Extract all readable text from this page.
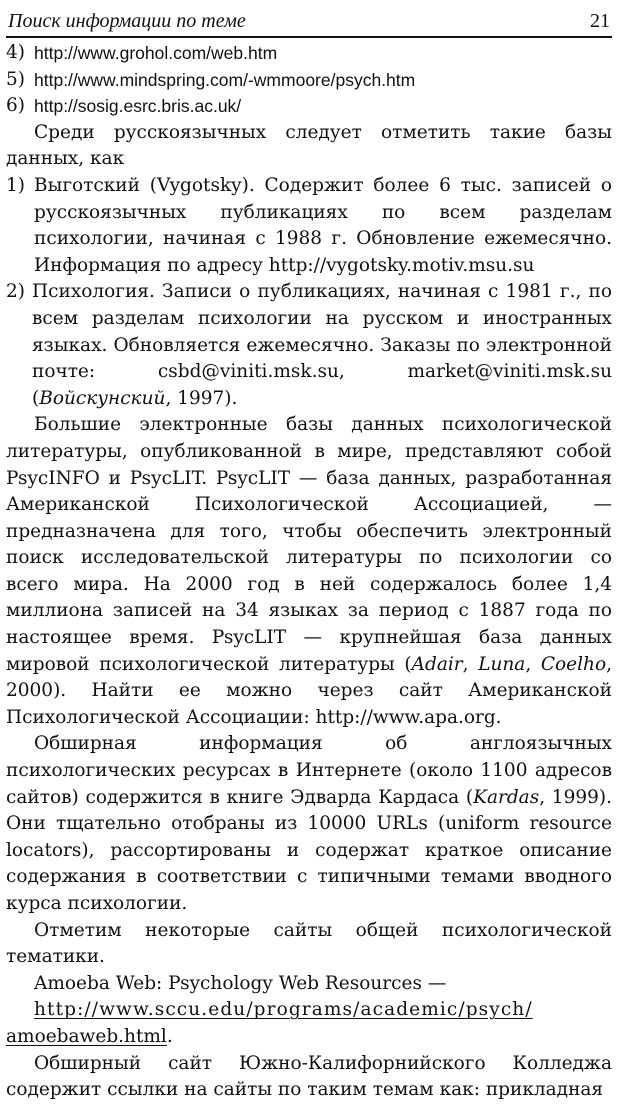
Поиск информации по теме	21
4) http://www.grohol.com/web.htm
5) http://www.mindspring.com/-wmmoore/psych.htm
6) http://sosig.esrc.bris.ac.uk/

Среди русскоязычных следует отметить такие базы данных, как

1) Выготский (Vygotsky). Содержит более 6 тыс. записей о русскоязычных публикациях по всем разделам психологии, начиная с 1988 г. Обновление ежемесячно. Информация по адресу http://vygotsky.motiv.msu.su
2) Психология. Записи о публикациях, начиная с 1981 г., по всем разделам психологии на русском и иностранных языках. Обновляется ежемесячно. Заказы по электронной почте: csbd@viniti.msk.su, market@viniti.msk.su (Войскунский, 1997).

Большие электронные базы данных психологической литературы, опубликованной в мире, представляют собой PsycINFO и PsycLIT. PsycLIT — база данных, разработанная Американской Психологической Ассоциацией, — предназначена для того, чтобы обеспечить электронный поиск исследовательской литературы по психологии со всего мира. На 2000 год в ней содержалось более 1,4 миллиона записей на 34 языках за период с 1887 года по настоящее время. PsycLIT — крупнейшая база данных мировой психологической литературы (Adair, Luna, Coelho, 2000). Найти ее можно через сайт Американской Психологической Ассоциации: http://www.apa.org.

Обширная информация об англоязычных психологических ресурсах в Интернете (около 1100 адресов сайтов) содержится в книге Эдварда Кардаса (Kardas, 1999). Они тщательно отобраны из 10000 URLs (uniform resource locators), рассортированы и содержат краткое описание содержания в соответствии с типичными темами вводного курса психологии.

Отметим некоторые сайты общей психологической тематики.

Amoeba Web: Psychology Web Resources —

http://www.sccu.edu/programs/academic/psych/
amoebaweb.html.

Обширный сайт Южно-Калифорнийского Колледжа содержит ссылки на сайты по таким темам как: прикладная
